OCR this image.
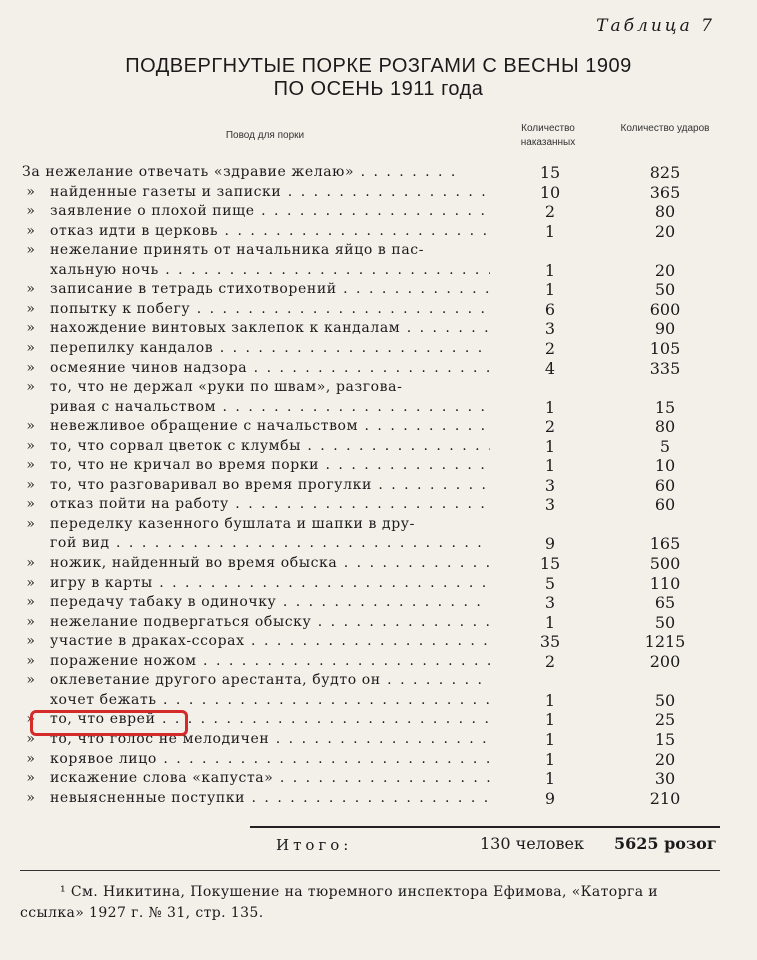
Таблица 7
ПОДВЕРГНУТЫЕ ПОРКЕ РОЗГАМИ С ВЕСНЫ 1909
ПО ОСЕНЬ 1911 года
Повод для порки
Количество наказанных
Количество ударов
За нежелание отвечать «здравие желаю» . . .	15	825
»	найденные газеты и записки . . .	10	365
»	заявление о плохой пище . . .	2	80
»	отказ идти в церковь . . .	1	20
»	нежелание принять от начальника яйцо в пас-
хальную ночь . . .	1	20
»	записание в тетрадь стихотворений . . .	1	50
»	попытку к побегу . . .	6	600
»	нахождение винтовых заклепок к кандалам . . .	3	90
»	перепилку кандалов . . .	2	105
»	осмеяние чинов надзора . . .	4	335
»	то, что не держал «руки по швам», разгова-
ривая с начальством . . .	1	15
»	невежливое обращение с начальством . . .	2	80
»	то, что сорвал цветок с клумбы . . .	1	5
»	то, что не кричал во время порки . . .	1	10
»	то, что разговаривал во время прогулки . . .	3	60
»	отказ пойти на работу . . .	3	60
»	переделку казенного бушлата и шапки в дру-
гой вид . . .	9	165
»	ножик, найденный во время обыска . . .	15	500
»	игру в карты . . .	5	110
»	передачу табаку в одиночку . . .	3	65
»	нежелание подвергаться обыску . . .	1	50
»	участие в драках-ссорах . . .	35	1215
»	поражение ножом . . .	2	200
»	оклеветание другого арестанта, будто он . . .
хочет бежать . . .	1	50
»	то, что еврей . . .	1	25
»	то, что голос не мелодичен . . .	1	15
»	корявое лицо . . .	1	20
»	искажение слова «капуста» . . .	1	30
»	невыясненные поступки . . .	9	210
Итого:	130 человек 5625 розог
¹ См. Никитина, Покушение на тюремного инспектора Ефимова, «Каторга и ссылка» 1927 г. № 31, стр. 135.
